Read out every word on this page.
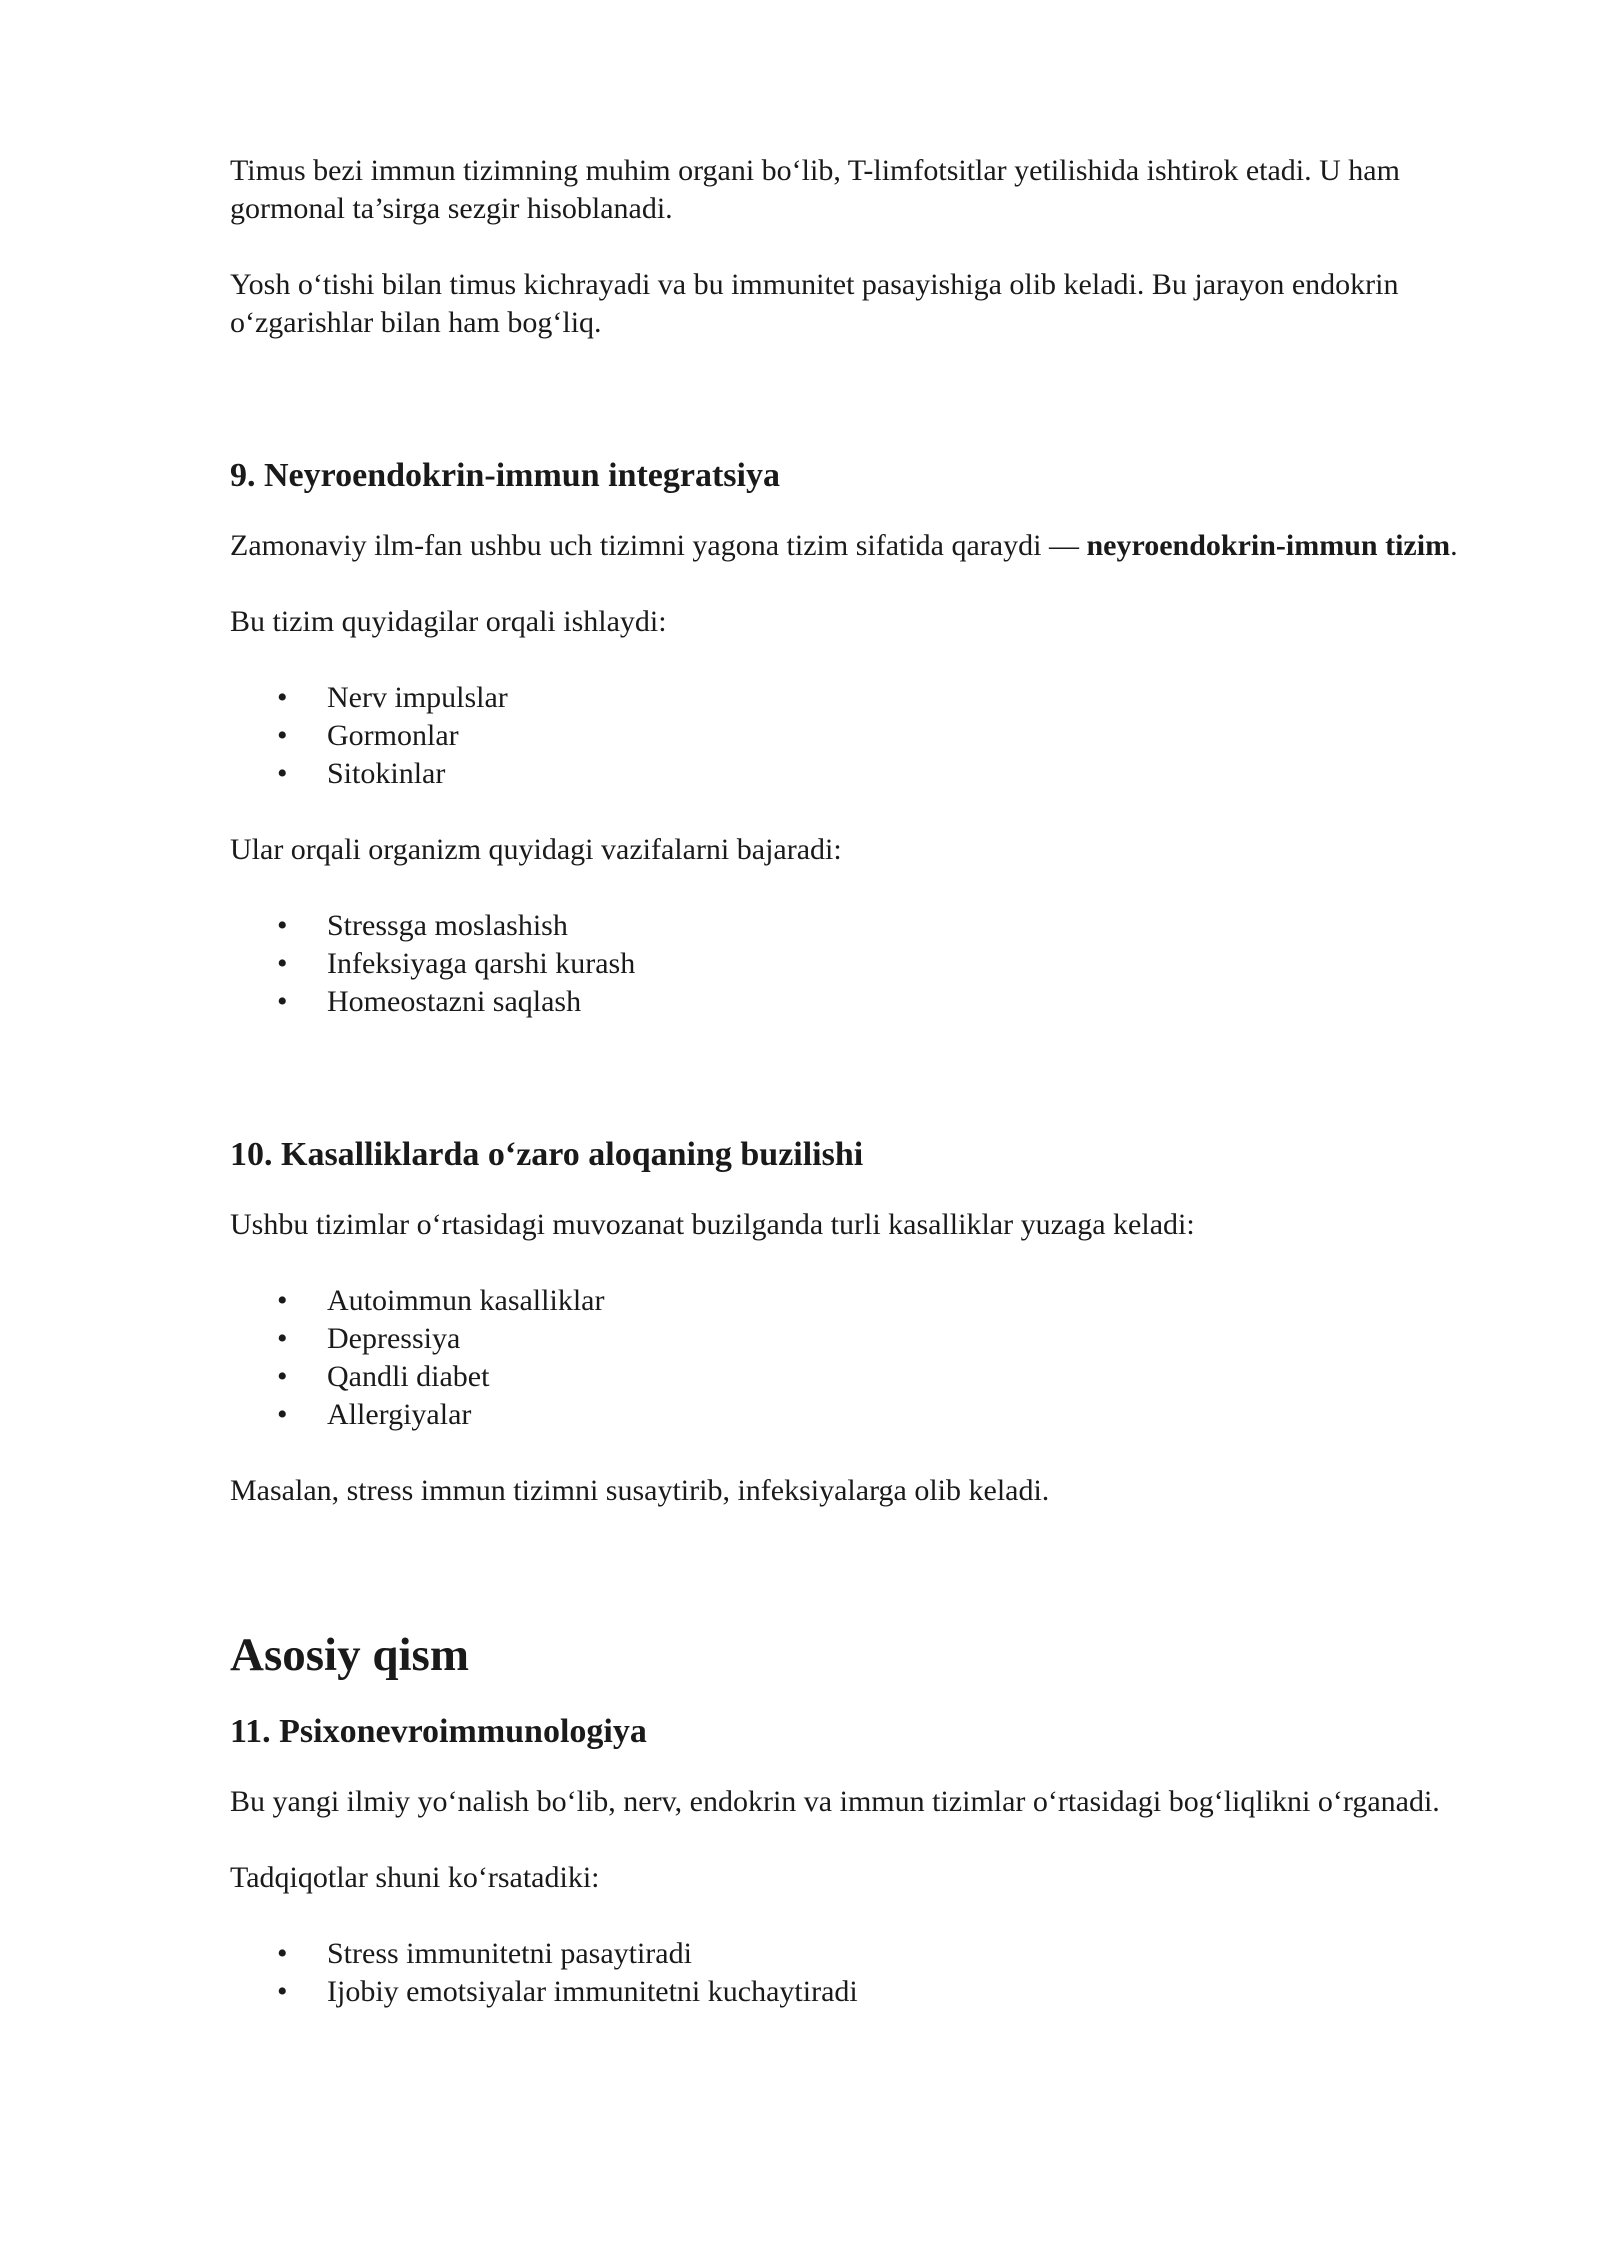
Timus bezi immun tizimning muhim organi bo‘lib, T-limfotsitlar yetilishida ishtirok etadi. U ham gormonal ta’sirga sezgir hisoblanadi.

Yosh o‘tishi bilan timus kichrayadi va bu immunitet pasayishiga olib keladi. Bu jarayon endokrin o‘zgarishlar bilan ham bog‘liq.

9. Neyroendokrin-immun integratsiya

Zamonaviy ilm-fan ushbu uch tizimni yagona tizim sifatida qaraydi — neyroendokrin-immun tizim.

Bu tizim quyidagilar orqali ishlaydi:

• Nerv impulslar
• Gormonlar
• Sitokinlar

Ular orqali organizm quyidagi vazifalarni bajaradi:

• Stressga moslashish
• Infeksiyaga qarshi kurash
• Homeostazni saqlash
10. Kasalliklarda o‘zaro aloqaning buzilishi

Ushbu tizimlar o‘rtasidagi muvozanat buzilganda turli kasalliklar yuzaga keladi:

• Autoimmun kasalliklar
• Depressiya
• Qandli diabet
• Allergiyalar

Masalan, stress immun tizimni susaytirib, infeksiyalarga olib keladi.

Asosiy qism
11. Psixonevroimmunologiya

Bu yangi ilmiy yo‘nalish bo‘lib, nerv, endokrin va immun tizimlar o‘rtasidagi bog‘liqlikni o‘rganadi.

Tadqiqotlar shuni ko‘rsatadiki:

• Stress immunitetni pasaytiradi
• Ijobiy emotsiyalar immunitetni kuchaytiradi
